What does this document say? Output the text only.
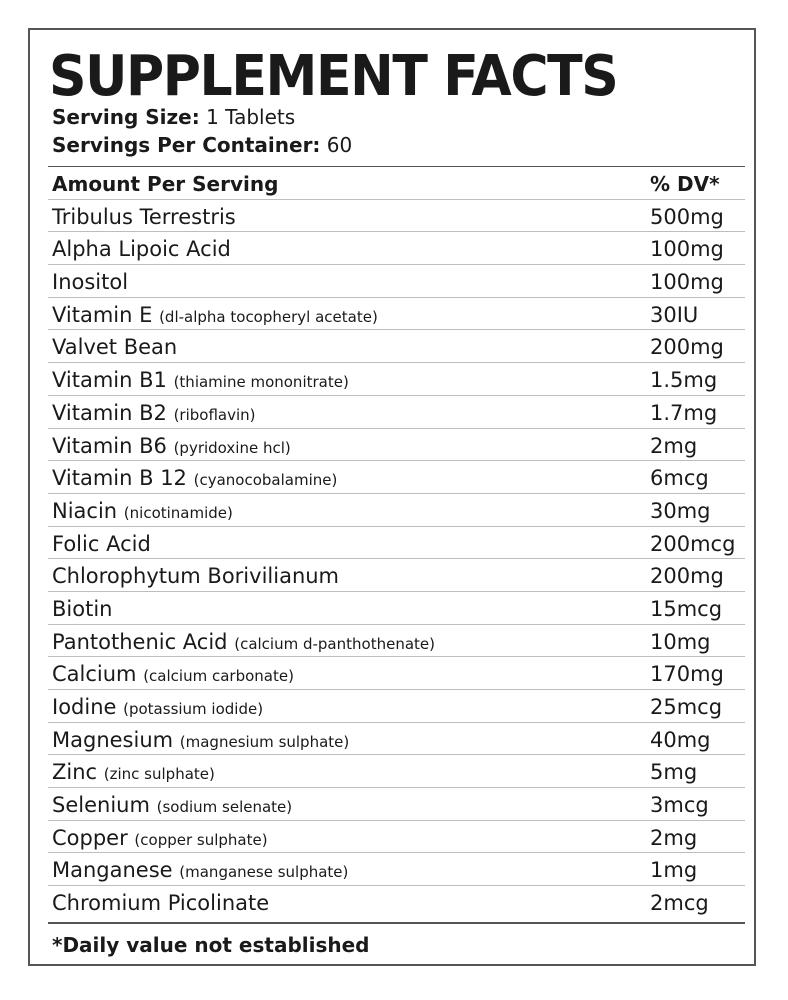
SUPPLEMENT FACTS
Serving Size: 1 Tablets
Servings Per Container: 60
Amount Per Serving	% DV*
Tribulus Terrestris	500mg
Alpha Lipoic Acid	100mg
Inositol	100mg
Vitamin E (dl-alpha tocopheryl acetate)	30IU
Valvet Bean	200mg
Vitamin B1 (thiamine mononitrate)	1.5mg
Vitamin B2 (riboflavin)	1.7mg
Vitamin B6 (pyridoxine hcl)	2mg
Vitamin B 12 (cyanocobalamine)	6mcg
Niacin (nicotinamide)	30mg
Folic Acid	200mcg
Chlorophytum Borivilianum	200mg
Biotin	15mcg
Pantothenic Acid (calcium d-panthothenate)	10mg
Calcium (calcium carbonate)	170mg
Iodine (potassium iodide)	25mcg
Magnesium (magnesium sulphate)	40mg
Zinc (zinc sulphate)	5mg
Selenium (sodium selenate)	3mcg
Copper (copper sulphate)	2mg
Manganese (manganese sulphate)	1mg
Chromium Picolinate	2mcg
*Daily value not established
